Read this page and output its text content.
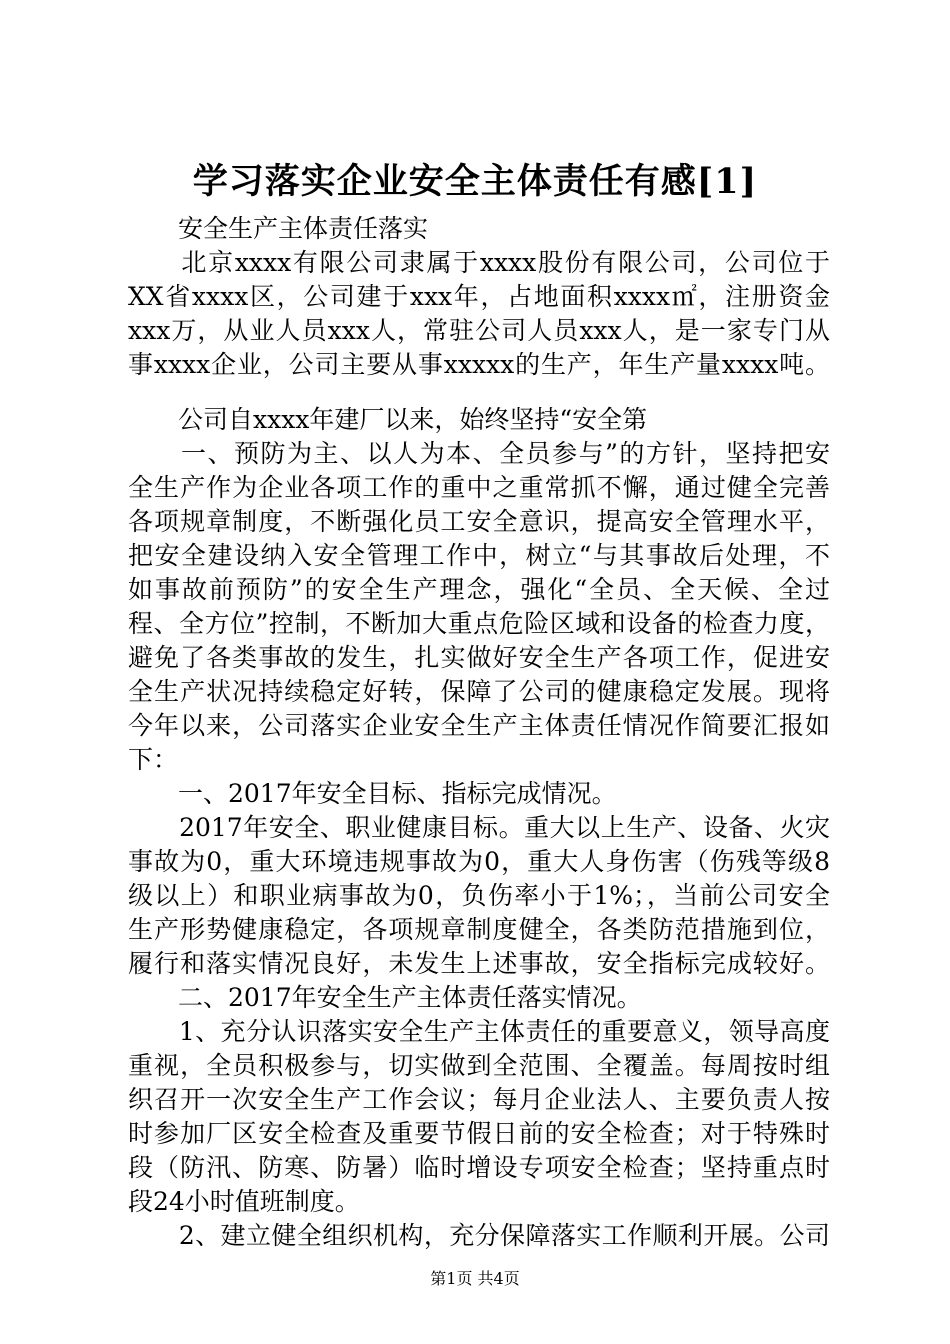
学习落实企业安全主体责任有感[1]
　　安全生产主体责任落实
　　北京xxxx有限公司隶属于xxxx股份有限公司，公司位于
XX省xxxx区，公司建于xxx年，占地面积xxxx㎡，注册资金
xxx万，从业人员xxx人，常驻公司人员xxx人，是一家专门从
事xxxx企业，公司主要从事xxxxx的生产，年生产量xxxx吨。
　　公司自xxxx年建厂以来，始终坚持“安全第
　　一、预防为主、以人为本、全员参与”的方针，坚持把安
全生产作为企业各项工作的重中之重常抓不懈，通过健全完善
各项规章制度，不断强化员工安全意识，提高安全管理水平，
把安全建设纳入安全管理工作中，树立“与其事故后处理，不
如事故前预防”的安全生产理念，强化“全员、全天候、全过
程、全方位”控制，不断加大重点危险区域和设备的检查力度，
避免了各类事故的发生，扎实做好安全生产各项工作，促进安
全生产状况持续稳定好转，保障了公司的健康稳定发展。现将
今年以来，公司落实企业安全生产主体责任情况作简要汇报如
下：
　　一、2017年安全目标、指标完成情况。
　　2017年安全、职业健康目标。重大以上生产、设备、火灾
事故为0，重大环境违规事故为0，重大人身伤害（伤残等级8
级以上）和职业病事故为0，负伤率小于1%；，当前公司安全
生产形势健康稳定，各项规章制度健全，各类防范措施到位，
履行和落实情况良好，未发生上述事故，安全指标完成较好。
　　二、2017年安全生产主体责任落实情况。
　　1、充分认识落实安全生产主体责任的重要意义，领导高度
重视，全员积极参与，切实做到全范围、全覆盖。每周按时组
织召开一次安全生产工作会议；每月企业法人、主要负责人按
时参加厂区安全检查及重要节假日前的安全检查；对于特殊时
段（防汛、防寒、防暑）临时增设专项安全检查；坚持重点时
段24小时值班制度。
　　2、建立健全组织机构，充分保障落实工作顺利开展。公司
第1页 共4页
